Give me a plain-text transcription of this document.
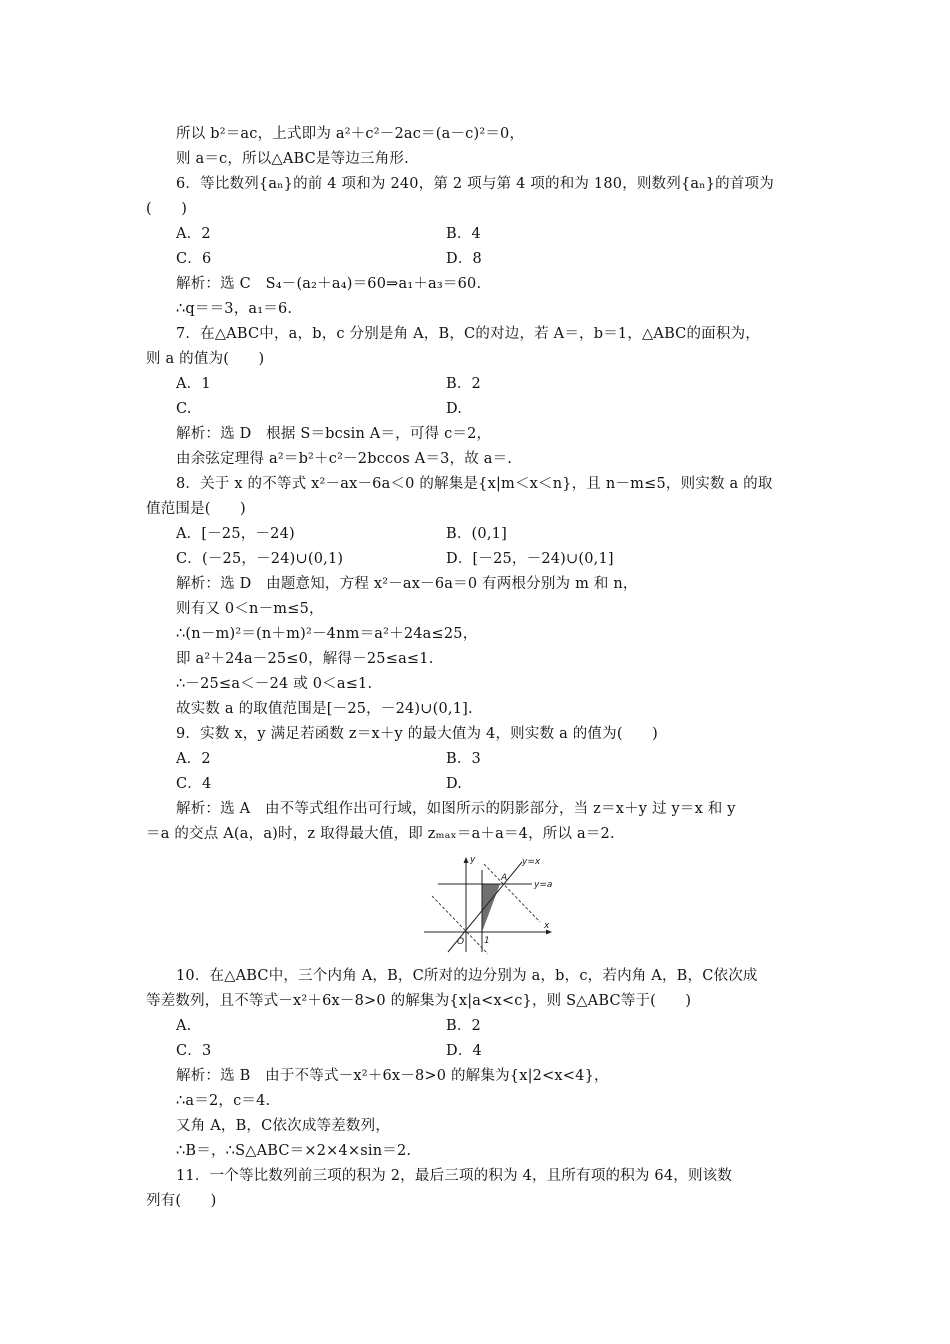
所以 b²＝ac，上式即为 a²＋c²－2ac＝(a－c)²＝0，
则 a＝c，所以△ABC是等边三角形.
6．等比数列{aₙ}的前 4 项和为 240，第 2 项与第 4 项的和为 180，则数列{aₙ}的首项为
(　　)
A．2	B．4
C．6	D．8
解析：选 C　S₄－(a₂＋a₄)＝60⇒a₁＋a₃＝60.
∴q＝＝3，a₁＝6.
7．在△ABC中，a，b，c 分别是角 A，B，C的对边，若 A＝，b＝1，△ABC的面积为，
则 a 的值为(　　)
A．1	B．2
C.	D.
解析：选 D　根据 S＝bcsin A＝，可得 c＝2，
由余弦定理得 a²＝b²＋c²－2bccos A＝3，故 a＝.
8．关于 x 的不等式 x²－ax－6a＜0 的解集是{x|m＜x＜n}，且 n－m≤5，则实数 a 的取
值范围是(　　)
A．[－25，－24)	B．(0,1]
C．(－25，－24)∪(0,1)	D．[－25，－24)∪(0,1]
解析：选 D　由题意知，方程 x²－ax－6a＝0 有两根分别为 m 和 n，
则有又 0＜n－m≤5，
∴(n－m)²＝(n＋m)²－4nm＝a²＋24a≤25，
即 a²＋24a－25≤0，解得－25≤a≤1.
∴－25≤a＜－24 或 0＜a≤1.
故实数 a 的取值范围是[－25，－24)∪(0,1].
9．实数 x，y 满足若函数 z＝x＋y 的最大值为 4，则实数 a 的值为(　　)
A．2	B．3
C．4	D.
解析：选 A　由不等式组作出可行域，如图所示的阴影部分，当 z＝x＋y 过 y＝x 和 y
＝a 的交点 A(a，a)时，z 取得最大值，即 zₘₐₓ＝a＋a＝4，所以 a＝2.
y
x
y=x
y=a
A
O 1
10．在△ABC中，三个内角 A，B，C所对的边分别为 a，b，c，若内角 A，B，C依次成
等差数列，且不等式－x²＋6x－8>0 的解集为{x|a<x<c}，则 S△ABC等于(　　)
A.	B．2
C．3	D．4
解析：选 B　由于不等式－x²＋6x－8>0 的解集为{x|2<x<4}，
∴a＝2，c＝4.
又角 A，B，C依次成等差数列，
∴B＝，∴S△ABC＝×2×4×sin＝2.
11．一个等比数列前三项的积为 2，最后三项的积为 4，且所有项的积为 64，则该数
列有(　　)
